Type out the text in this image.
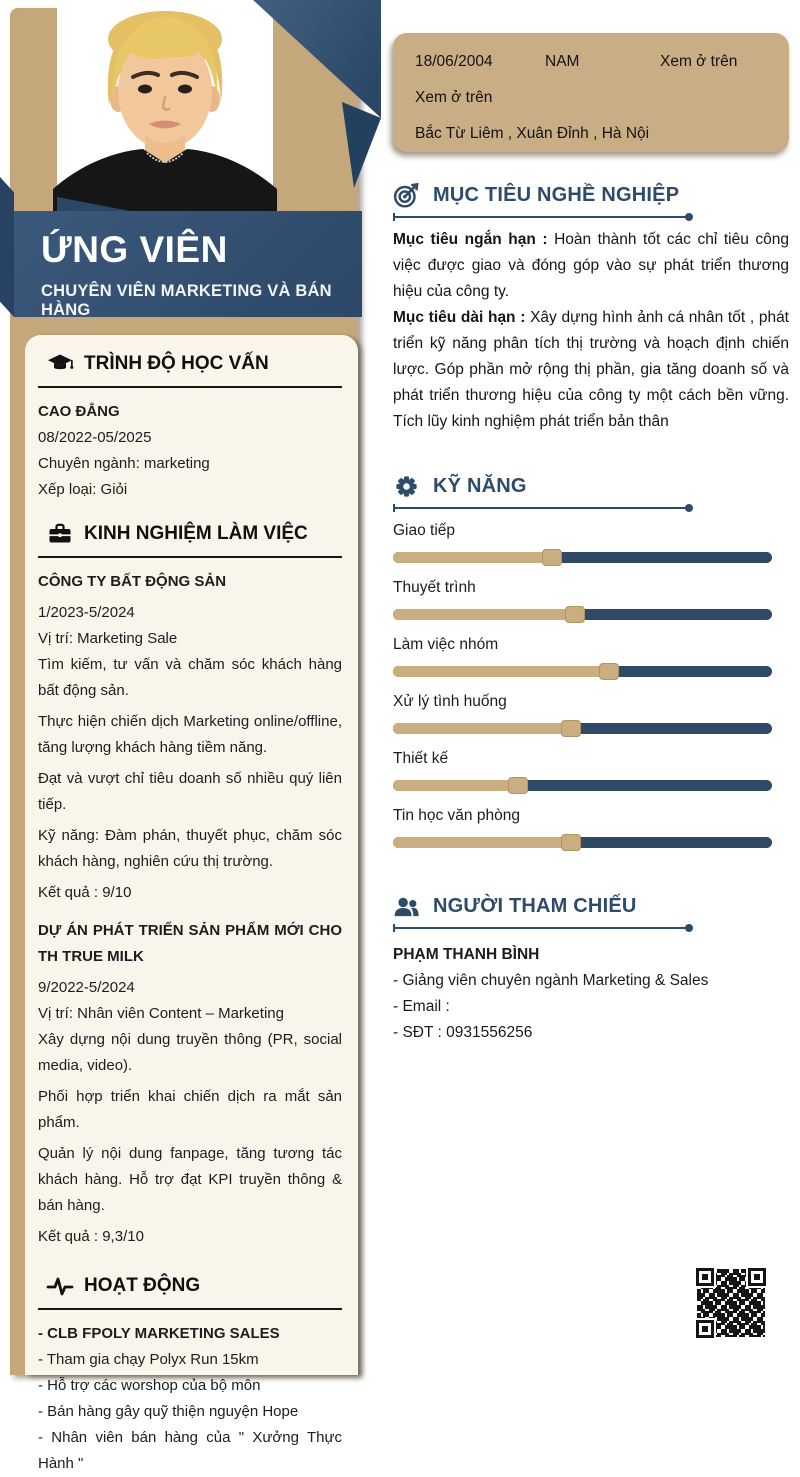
ỨNG VIÊN
CHUYÊN VIÊN MARKETING VÀ BÁN HÀNG
TRÌNH ĐỘ HỌC VẤN

CAO ĐẲNG

08/2022-05/2025

Chuyên ngành: marketing

Xếp loại: Giỏi

KINH NGHIỆM LÀM VIỆC

CÔNG TY BẤT ĐỘNG SẢN

1/2023-5/2024

Vị trí: Marketing Sale

Tìm kiếm, tư vấn và chăm sóc khách hàng bất động sản.

Thực hiện chiến dịch Marketing online/offline, tăng lượng khách hàng tiềm năng.

Đạt và vượt chỉ tiêu doanh số nhiều quý liên tiếp.

Kỹ năng: Đàm phán, thuyết phục, chăm sóc khách hàng, nghiên cứu thị trường.

Kết quả : 9/10

DỰ ÁN PHÁT TRIỂN SẢN PHẨM MỚI CHO TH TRUE MILK

9/2022-5/2024

Vị trí: Nhân viên Content – Marketing

Xây dựng nội dung truyền thông (PR, social media, video).

Phối hợp triển khai chiến dịch ra mắt sản phẩm.

Quản lý nội dung fanpage, tăng tương tác khách hàng. Hỗ trợ đạt KPI truyền thông & bán hàng.

Kết quả : 9,3/10

HOẠT ĐỘNG

- CLB FPOLY MARKETING SALES

- Tham gia chạy Polyx Run 15km

- Hỗ trợ các worshop của bộ môn

- Bán hàng gây quỹ thiện nguyện Hope

- Nhân viên bán hàng của " Xưởng Thực Hành "

18/06/2004	NAM	Xem ở trên
Xem ở trên
Bắc Từ Liêm , Xuân Đỉnh , Hà Nội
MỤC TIÊU NGHỀ NGHIỆP

Mục tiêu ngắn hạn : Hoàn thành tốt các chỉ tiêu công việc được giao và đóng góp vào sự phát triển thương hiệu của công ty.

Mục tiêu dài hạn : Xây dựng hình ảnh cá nhân tốt , phát triển kỹ năng phân tích thị trường và hoạch định chiến lược. Góp phần mở rộng thị phần, gia tăng doanh số và phát triển thương hiệu của công ty một cách bền vững. Tích lũy kinh nghiệm phát triển bản thân

KỸ NĂNG
Giao tiếp
Thuyết trình
Làm việc nhóm
Xử lý tình huống
Thiết kế
Tin học văn phòng
NGƯỜI THAM CHIẾU

PHẠM THANH BÌNH

- Giảng viên chuyên ngành Marketing & Sales

- Email :

- SĐT : 0931556256
